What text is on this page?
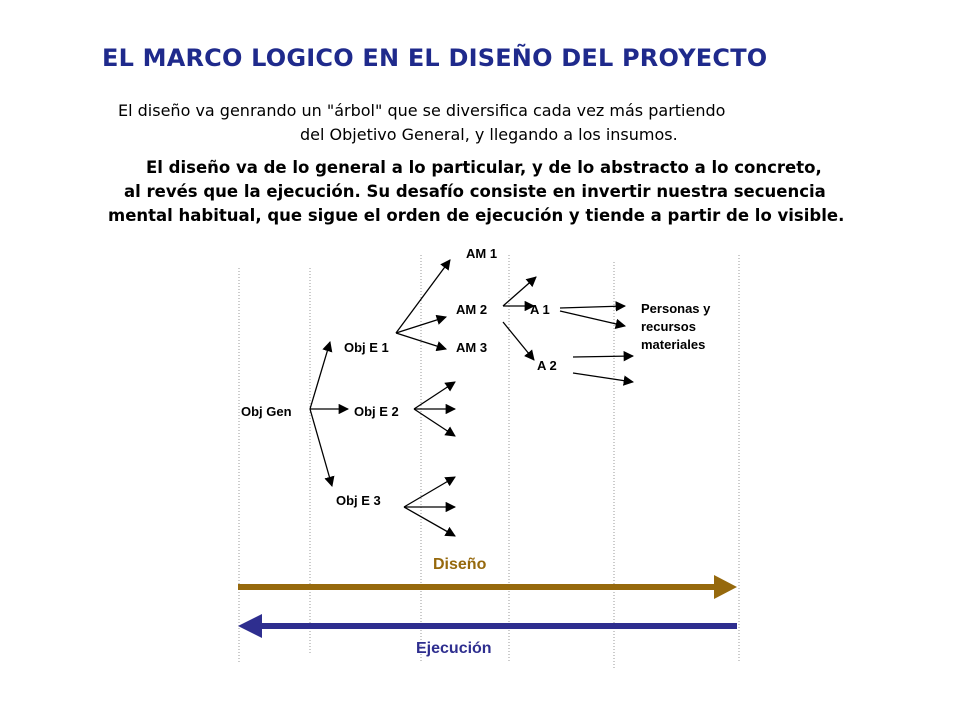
EL MARCO LOGICO EN EL DISEÑO DEL PROYECTO
El diseño va genrando un "árbol" que se diversifica cada vez más partiendo
del Objetivo General, y llegando a los insumos.
El diseño va de lo general a lo particular, y de lo abstracto a lo concreto,
al revés que la ejecución. Su desafío consiste en invertir nuestra secuencia
mental habitual, que sigue el orden de ejecución y tiende a partir de lo visible.
Obj Gen
Obj E 1
Obj E 2
Obj E 3
AM 1
AM 2
AM 3
A 1
A 2
Personas y
recursos
materiales
Diseño
Ejecución
